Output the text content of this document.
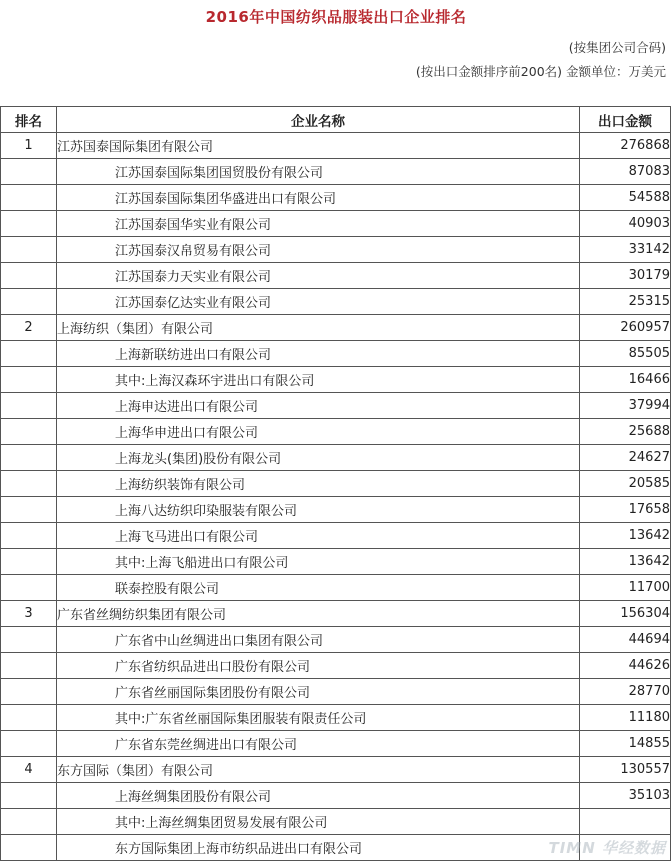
2016年中国纺织品服装出口企业排名
(按集团公司合码)
(按出口金额排序前200名) 金额单位：万美元
排名	企业名称	出口金额
1	江苏国泰国际集团有限公司	276868
	江苏国泰国际集团国贸股份有限公司	87083
	江苏国泰国际集团华盛进出口有限公司	54588
	江苏国泰国华实业有限公司	40903
	江苏国泰汉帛贸易有限公司	33142
	江苏国泰力天实业有限公司	30179
	江苏国泰亿达实业有限公司	25315
2	上海纺织（集团）有限公司	260957
	上海新联纺进出口有限公司	85505
	其中:上海汉森环宇进出口有限公司	16466
	上海申达进出口有限公司	37994
	上海华申进出口有限公司	25688
	上海龙头(集团)股份有限公司	24627
	上海纺织装饰有限公司	20585
	上海八达纺织印染服装有限公司	17658
	上海飞马进出口有限公司	13642
	其中:上海飞船进出口有限公司	13642
	联泰控股有限公司	11700
3	广东省丝绸纺织集团有限公司	156304
	广东省中山丝绸进出口集团有限公司	44694
	广东省纺织品进出口股份有限公司	44626
	广东省丝丽国际集团股份有限公司	28770
	其中:广东省丝丽国际集团服装有限责任公司	11180
	广东省东莞丝绸进出口有限公司	14855
4	东方国际（集团）有限公司	130557
	上海丝绸集团股份有限公司	35103
	其中:上海丝绸集团贸易发展有限公司	
	东方国际集团上海市纺织品进出口有限公司		TIMN 华经数据
